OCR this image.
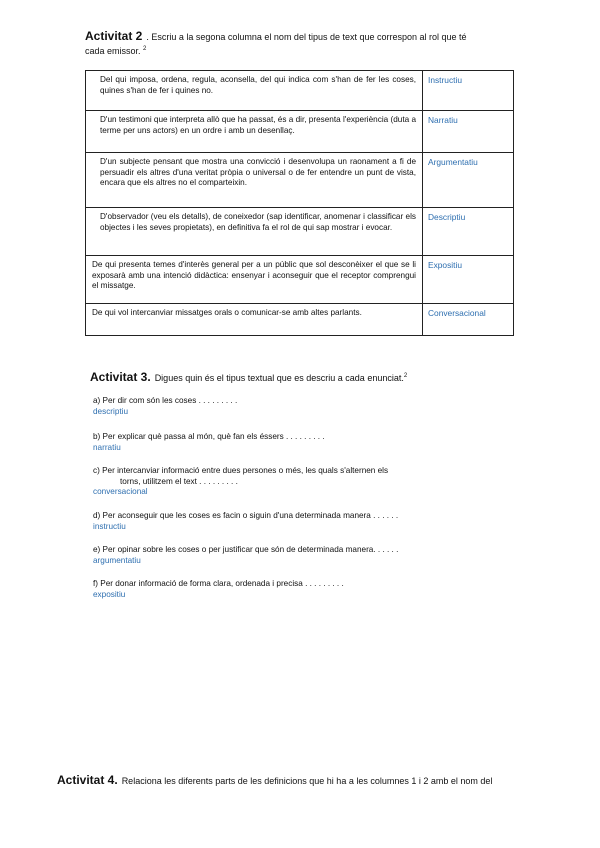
Activitat 2 . Escriu a la segona columna el nom del tipus de text que correspon al rol que té cada emissor. $^2$
Del qui imposa, ordena, regula, aconsella, del qui indica com s'han de fer les coses, quines s'han de fer i quines no.	Instructiu
D'un testimoni que interpreta allò que ha passat, és a dir, presenta l'experiència (duta a terme per uns actors) en un ordre i amb un desenllaç.	Narratiu
D'un subjecte pensant que mostra una convicció i desenvolupa un raonament a fi de persuadir els altres d'una veritat pròpia o universal o de fer entendre un punt de vista, encara que els altres no el comparteixin.	Argumentatiu
D'observador (veu els detalls), de coneixedor (sap identificar, anomenar i classificar els objectes i les seves propietats), en definitiva fa el rol de qui sap mostrar i evocar.	Descriptiu
De qui presenta temes d'interès general per a un públic que sol desconèixer el que se li exposarà amb una intenció didàctica: ensenyar i aconseguir que el receptor comprengui el missatge.	Expositiu
De qui vol intercanviar missatges orals o comunicar-se amb altes parlants.	Conversacional
Activitat 3. Digues quin és el tipus textual que es descriu a cada enunciat.$^2$
a) Per dir com són les coses . . . . . . . . .
descriptiu
b) Per explicar què passa al món, què fan els éssers . . . . . . . . .
narratiu
c) Per intercanviar informació entre dues persones o més, les quals s'alternen els
torns, utilitzem el text . . . . . . . . .
conversacional
d) Per aconseguir que les coses es facin o siguin d'una determinada manera . . . . . .
instructiu
e) Per opinar sobre les coses o per justificar que són de determinada manera. . . . . .
argumentatiu
f) Per donar informació de forma clara, ordenada i precisa . . . . . . . . .
expositiu
Activitat 4. Relaciona les diferents parts de les definicions que hi ha a les columnes 1 i 2 amb el nom del
